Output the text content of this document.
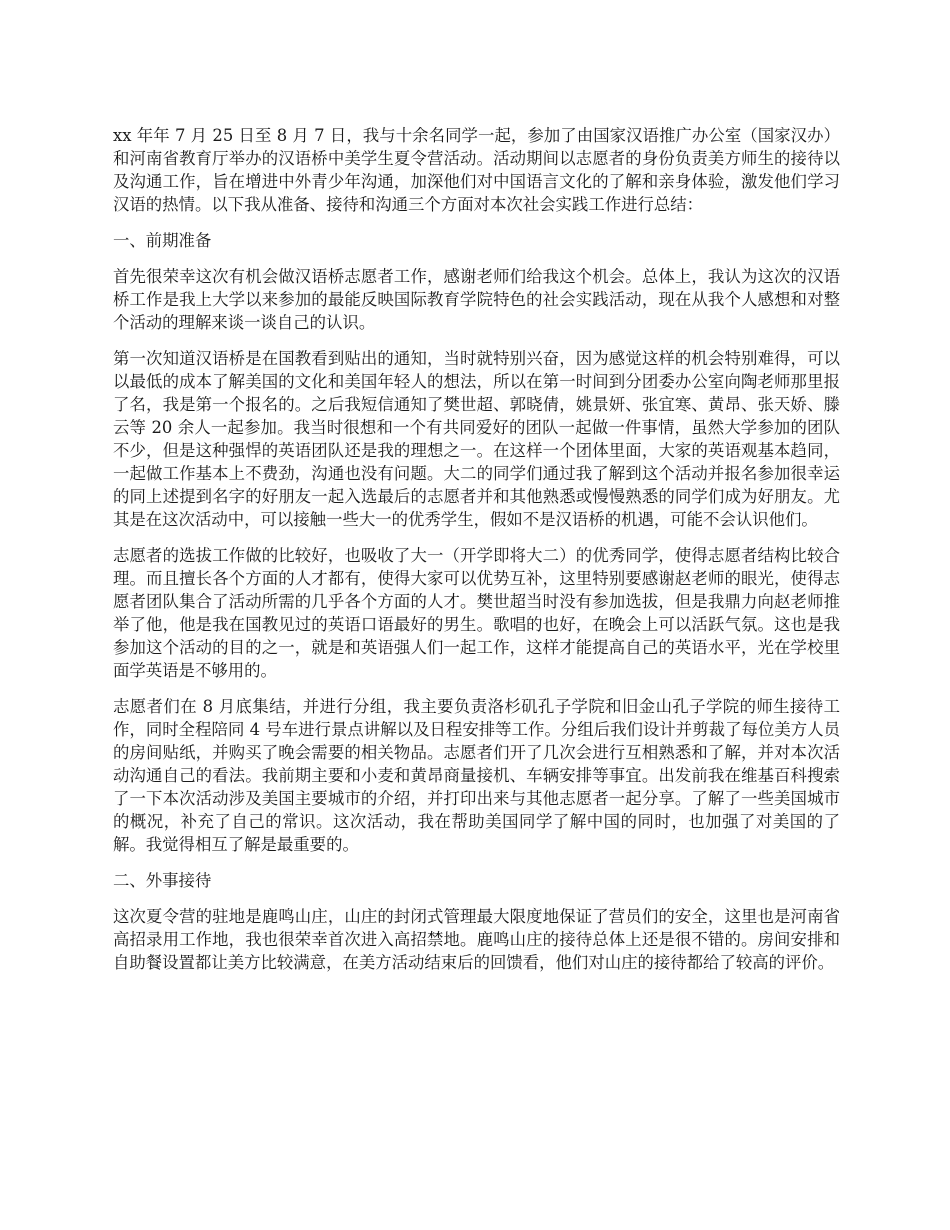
xx 年年 7 月 25 日至 8 月 7 日，我与十余名同学一起，参加了由国家汉语推广办公室（国家汉办）和河南省教育厅举办的汉语桥中美学生夏令营活动。活动期间以志愿者的身份负责美方师生的接待以及沟通工作，旨在增进中外青少年沟通，加深他们对中国语言文化的了解和亲身体验，激发他们学习汉语的热情。以下我从准备、接待和沟通三个方面对本次社会实践工作进行总结：

一、前期准备

首先很荣幸这次有机会做汉语桥志愿者工作，感谢老师们给我这个机会。总体上，我认为这次的汉语桥工作是我上大学以来参加的最能反映国际教育学院特色的社会实践活动，现在从我个人感想和对整个活动的理解来谈一谈自己的认识。

第一次知道汉语桥是在国教看到贴出的通知，当时就特别兴奋，因为感觉这样的机会特别难得，可以以最低的成本了解美国的文化和美国年轻人的想法，所以在第一时间到分团委办公室向陶老师那里报了名，我是第一个报名的。之后我短信通知了樊世超、郭晓倩，姚景妍、张宜寒、黄昂、张天娇、滕云等 20 余人一起参加。我当时很想和一个有共同爱好的团队一起做一件事情，虽然大学参加的团队不少，但是这种强悍的英语团队还是我的理想之一。在这样一个团体里面，大家的英语观基本趋同，一起做工作基本上不费劲，沟通也没有问题。大二的同学们通过我了解到这个活动并报名参加很幸运的同上述提到名字的好朋友一起入选最后的志愿者并和其他熟悉或慢慢熟悉的同学们成为好朋友。尤其是在这次活动中，可以接触一些大一的优秀学生，假如不是汉语桥的机遇，可能不会认识他们。

志愿者的选拔工作做的比较好，也吸收了大一（开学即将大二）的优秀同学，使得志愿者结构比较合理。而且擅长各个方面的人才都有，使得大家可以优势互补，这里特别要感谢赵老师的眼光，使得志愿者团队集合了活动所需的几乎各个方面的人才。樊世超当时没有参加选拔，但是我鼎力向赵老师推举了他，他是我在国教见过的英语口语最好的男生。歌唱的也好，在晚会上可以活跃气氛。这也是我参加这个活动的目的之一，就是和英语强人们一起工作，这样才能提高自己的英语水平，光在学校里面学英语是不够用的。

志愿者们在 8 月底集结，并进行分组，我主要负责洛杉矶孔子学院和旧金山孔子学院的师生接待工作，同时全程陪同 4 号车进行景点讲解以及日程安排等工作。分组后我们设计并剪裁了每位美方人员的房间贴纸，并购买了晚会需要的相关物品。志愿者们开了几次会进行互相熟悉和了解，并对本次活动沟通自己的看法。我前期主要和小麦和黄昂商量接机、车辆安排等事宜。出发前我在维基百科搜索了一下本次活动涉及美国主要城市的介绍，并打印出来与其他志愿者一起分享。了解了一些美国城市的概况，补充了自己的常识。这次活动，我在帮助美国同学了解中国的同时，也加强了对美国的了解。我觉得相互了解是最重要的。

二、外事接待

这次夏令营的驻地是鹿鸣山庄，山庄的封闭式管理最大限度地保证了营员们的安全，这里也是河南省高招录用工作地，我也很荣幸首次进入高招禁地。鹿鸣山庄的接待总体上还是很不错的。房间安排和自助餐设置都让美方比较满意，在美方活动结束后的回馈看，他们对山庄的接待都给了较高的评价。
